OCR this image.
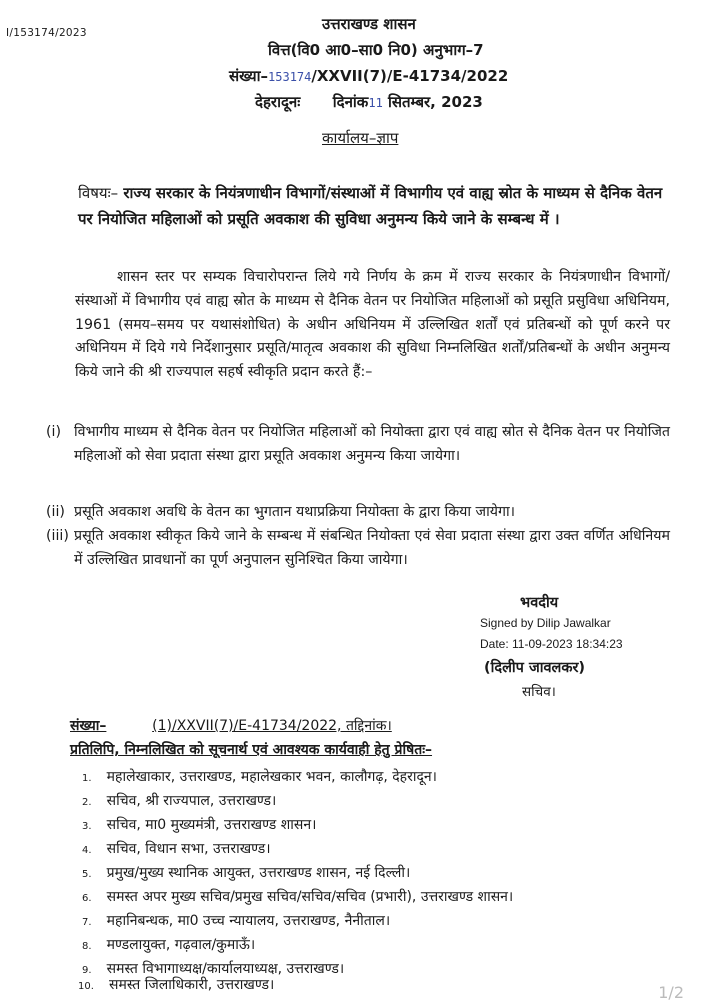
I/153174/2023	उत्तराखण्ड शासन
वित्त(वि0 आ0–सा0 नि0) अनुभाग–7
संख्या–153174/XXVII(7)/E-41734/2022
देहरादूनः दिनांक11 सितम्बर, 2023
कार्यालय–ज्ञाप
विषयः– राज्य सरकार के नियंत्रणाधीन विभागों/संस्थाओं में विभागीय एवं वाह्य स्रोत के माध्यम से दैनिक वेतन पर नियोजित महिलाओं को प्रसूति अवकाश की सुविधा अनुमन्य किये जाने के सम्बन्ध में ।
शासन स्तर पर सम्यक विचारोपरान्त लिये गये निर्णय के क्रम में राज्य सरकार के नियंत्रणाधीन विभागों/संस्थाओं में विभागीय एवं वाह्य स्रोत के माध्यम से दैनिक वेतन पर नियोजित महिलाओं को प्रसूति प्रसुविधा अधिनियम, 1961 (समय–समय पर यथासंशोधित) के अधीन अधिनियम में उल्लिखित शर्तों एवं प्रतिबन्धों को पूर्ण करने पर अधिनियम में दिये गये निर्देशानुसार प्रसूति/मातृत्व अवकाश की सुविधा निम्नलिखित शर्तों/प्रतिबन्धों के अधीन अनुमन्य किये जाने की श्री राज्यपाल सहर्ष स्वीकृति प्रदान करते हैं:–
(i) विभागीय माध्यम से दैनिक वेतन पर नियोजित महिलाओं को नियोक्ता द्वारा एवं वाह्य स्रोत से दैनिक वेतन पर नियोजित महिलाओं को सेवा प्रदाता संस्था द्वारा प्रसूति अवकाश अनुमन्य किया जायेगा।
(ii) प्रसूति अवकाश अवधि के वेतन का भुगतान यथाप्रक्रिया नियोक्ता के द्वारा किया जायेगा।
(iii) प्रसूति अवकाश स्वीकृत किये जाने के सम्बन्ध में संबन्धित नियोक्ता एवं सेवा प्रदाता संस्था द्वारा उक्त वर्णित अधिनियम में उल्लिखित प्रावधानों का पूर्ण अनुपालन सुनिश्चित किया जायेगा।
भवदीय
Signed by Dilip Jawalkar
Date: 11-09-2023 18:34:23
(दिलीप जावलकर)
सचिव।
संख्या–	(1)/XXVII(7)/E-41734/2022, तद्दिनांक।
प्रतिलिपि, निम्नलिखित को सूचनार्थ एवं आवश्यक कार्यवाही हेतु प्रेषितः–
1. महालेखाकार, उत्तराखण्ड, महालेखकार भवन, कालौगढ़, देहरादून।
2. सचिव, श्री राज्यपाल, उत्तराखण्ड।
3. सचिव, मा0 मुख्यमंत्री, उत्तराखण्ड शासन।
4. सचिव, विधान सभा, उत्तराखण्ड।
5. प्रमुख/मुख्य स्थानिक आयुक्त, उत्तराखण्ड शासन, नई दिल्ली।
6. समस्त अपर मुख्य सचिव/प्रमुख सचिव/सचिव/सचिव (प्रभारी), उत्तराखण्ड शासन।
7. महानिबन्धक, मा0 उच्च न्यायालय, उत्तराखण्ड, नैनीताल।
8. मण्डलायुक्त, गढ़वाल/कुमाऊँ।
9. समस्त विभागाध्यक्ष/कार्यालयाध्यक्ष, उत्तराखण्ड।
10. समस्त जिलाधिकारी, उत्तराखण्ड।	1/2
